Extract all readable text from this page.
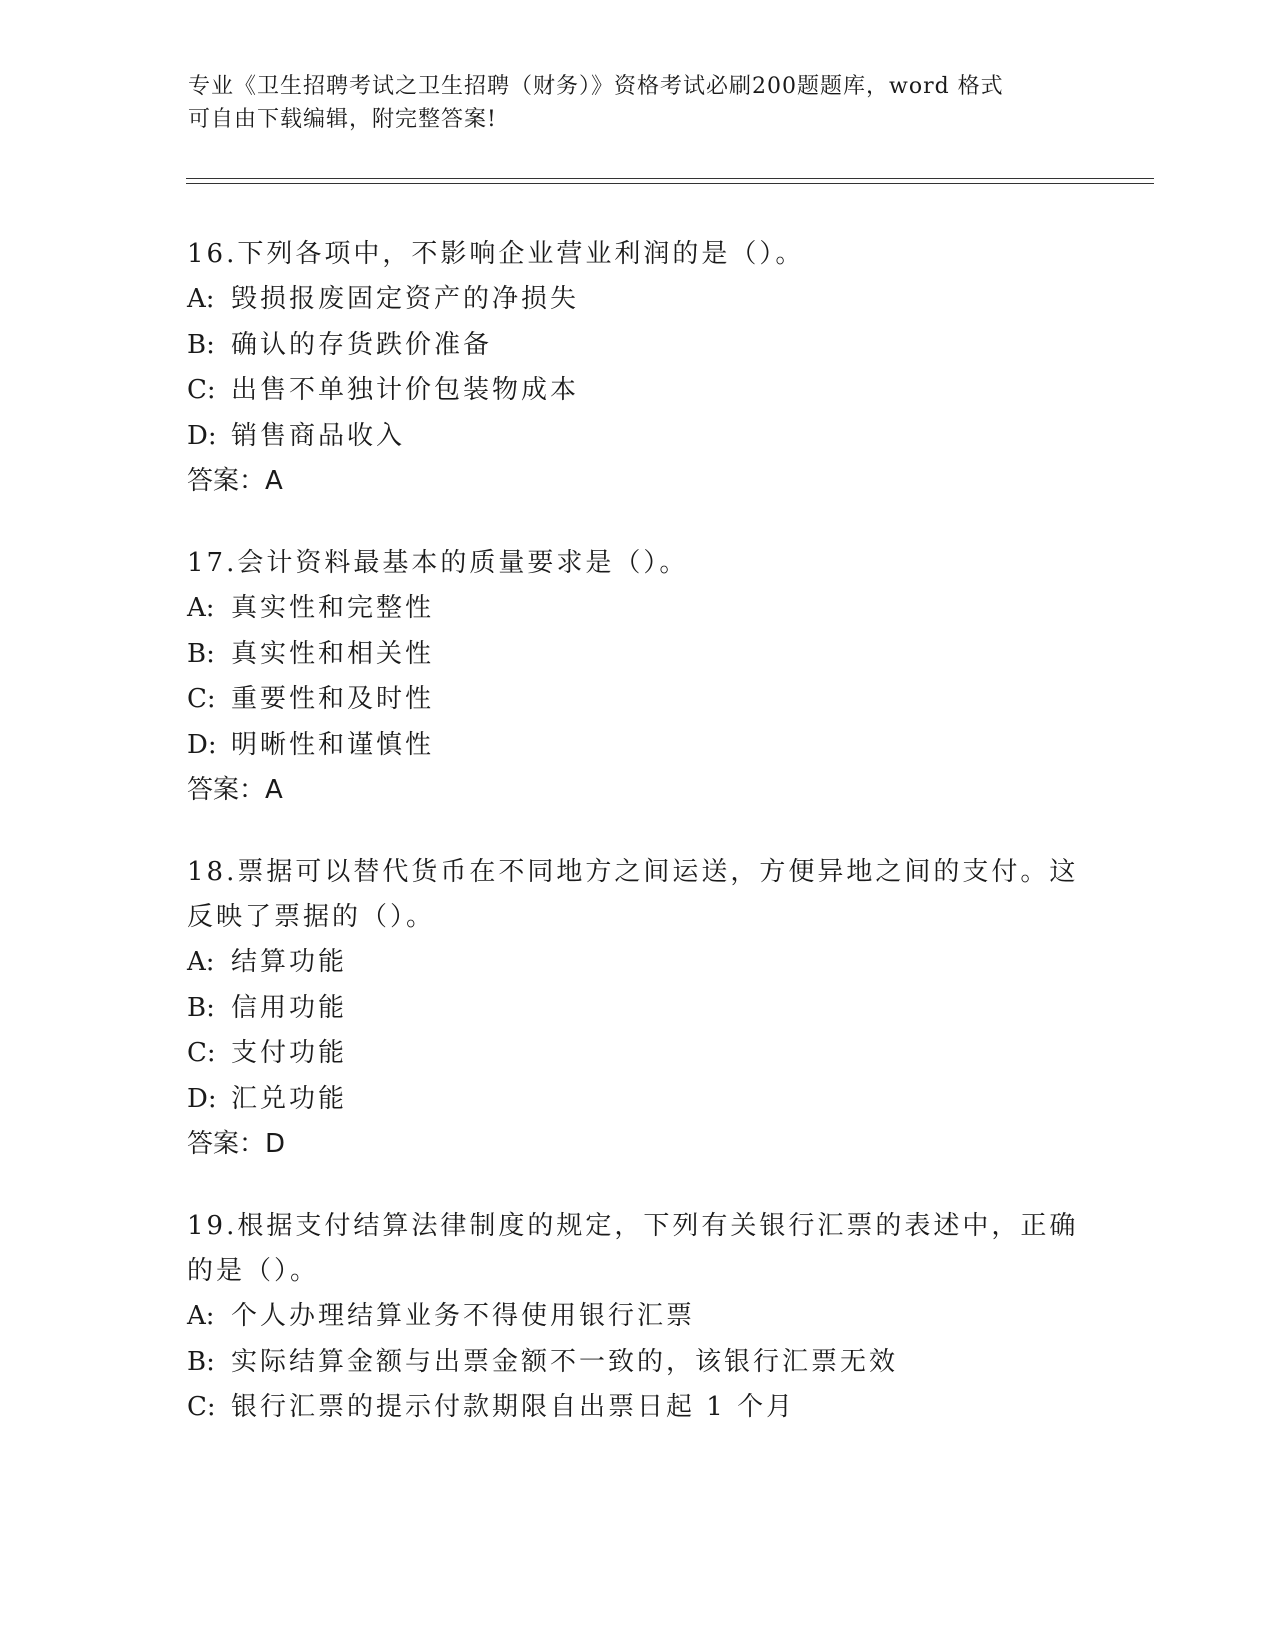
专业《卫生招聘考试之卫生招聘（财务）》资格考试必刷200题题库，word 格式
可自由下载编辑，附完整答案!

16.下列各项中，不影响企业营业利润的是（）。

A: 毁损报废固定资产的净损失

B: 确认的存货跌价准备

C: 出售不单独计价包装物成本

D: 销售商品收入

答案：A

17.会计资料最基本的质量要求是（）。

A: 真实性和完整性

B: 真实性和相关性

C: 重要性和及时性

D: 明晰性和谨慎性

答案：A

18.票据可以替代货币在不同地方之间运送，方便异地之间的支付。这

反映了票据的（）。

A: 结算功能

B: 信用功能

C: 支付功能

D: 汇兑功能

答案：D

19.根据支付结算法律制度的规定，下列有关银行汇票的表述中，正确

的是（）。

A: 个人办理结算业务不得使用银行汇票

B: 实际结算金额与出票金额不一致的，该银行汇票无效

C: 银行汇票的提示付款期限自出票日起 1 个月
